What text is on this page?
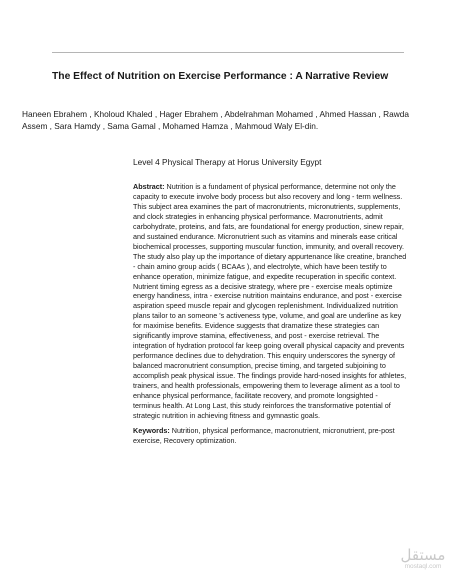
The Effect of Nutrition on Exercise Performance : A Narrative Review
Haneen Ebrahem , Kholoud Khaled , Hager Ebrahem , Abdelrahman Mohamed , Ahmed Hassan , Rawda Assem , Sara Hamdy , Sama Gamal , Mohamed Hamza , Mahmoud Waly El-din.
Level 4 Physical Therapy at Horus University Egypt
Abstract: Nutrition is a fundament of physical performance, determine not only the capacity to execute involve body process but also recovery and long - term wellness. This subject area examines the part of macronutrients, micronutrients, supplements, and clock strategies in enhancing physical performance. Macronutrients, admit carbohydrate, proteins, and fats, are foundational for energy production, sinew repair, and sustained endurance. Micronutrient such as vitamins and minerals ease critical biochemical processes, supporting muscular function, immunity, and overall recovery. The study also play up the importance of dietary appurtenance like creatine, branched - chain amino group acids ( BCAAs ), and electrolyte, which have been testify to enhance operation, minimize fatigue, and expedite recuperation in specific context. Nutrient timing egress as a decisive strategy, where pre - exercise meals optimize energy handiness, intra - exercise nutrition maintains endurance, and post - exercise aspiration speed muscle repair and glycogen replenishment. Individualized nutrition plans tailor to an someone 's activeness type, volume, and goal are underline as key for maximise benefits. Evidence suggests that dramatize these strategies can significantly improve stamina, effectiveness, and post - exercise retrieval. The integration of hydration protocol far keep going overall physical capacity and prevents performance declines due to dehydration. This enquiry underscores the synergy of balanced macronutrient consumption, precise timing, and targeted subjoining to accomplish peak physical issue. The findings provide hard-nosed insights for athletes, trainers, and health professionals, empowering them to leverage aliment as a tool to enhance physical performance, facilitate recovery, and promote longsighted - terminus health. At Long Last, this study reinforces the transformative potential of strategic nutrition in achieving fitness and gymnastic goals.
Keywords: Nutrition, physical performance, macronutrient, micronutrient, pre-post exercise, Recovery optimization.
مستقل
mostaql.com
